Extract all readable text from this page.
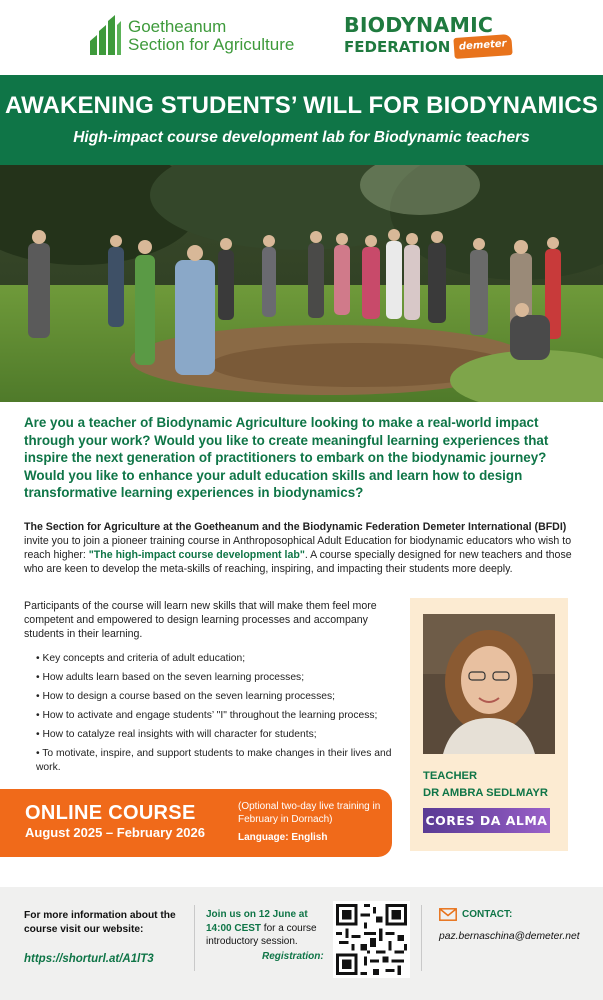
Goetheanum
Section for Agriculture
BIODYNAMIC
FEDERATION demeter
AWAKENING STUDENTS’ WILL FOR BIODYNAMICS
High-impact course development lab for Biodynamic teachers

Are you a teacher of Biodynamic Agriculture looking to make a real-world impact through your work? Would you like to create meaningful learning experiences that inspire the next generation of practitioners to embark on the biodynamic journey? Would you like to enhance your adult education skills and learn how to design transformative learning experiences in biodynamics?

The Section for Agriculture at the Goetheanum and the Biodynamic Federation Demeter International (BFDI) invite you to join a pioneer training course in Anthroposophical Adult Education for biodynamic educators who wish to reach higher: "The high-impact course development lab". A course specially designed for new teachers and those who are keen to develop the meta-skills of reaching, inspiring, and impacting their students more deeply.

Participants of the course will learn new skills that will make them feel more competent and empowered to design learning processes and accompany students in their learning.

• Key concepts and criteria of adult education;
• How adults learn based on the seven learning processes;
• How to design a course based on the seven learning processes;
• How to activate and engage students’ "I" throughout the learning process;
• How to catalyze real insights with will character for students;
• To motivate, inspire, and support students to make changes in their lives and work.
TEACHER
DR AMBRA SEDLMAYR
CORES DA ALMA
ONLINE COURSE
August 2025 – February 2026
(Optional two-day live training in February in Dornach)
Language: English
For more information about the course visit our website:
https://shorturl.at/A1lT3
Join us on 12 June at 14:00 CEST for a course introductory session.
Registration:
CONTACT:
paz.bernaschina@demeter.net
